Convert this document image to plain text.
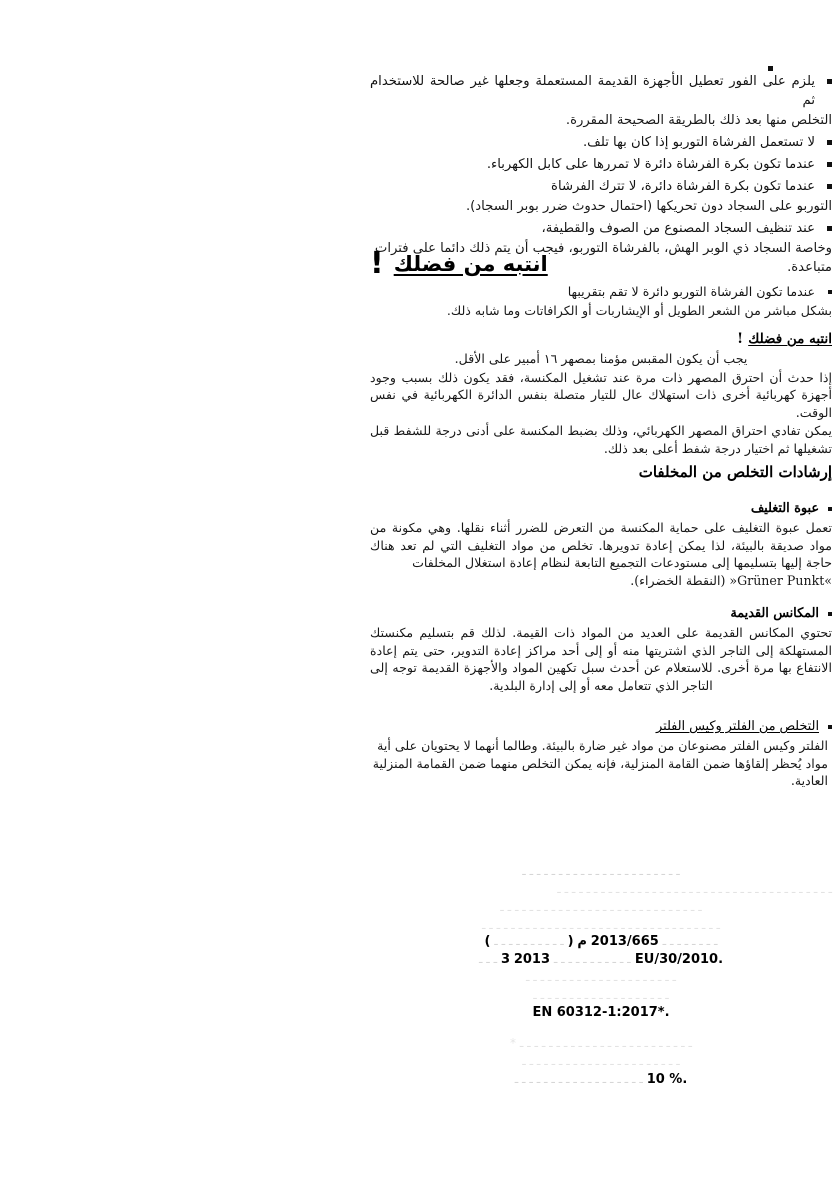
ـــــــ ـــ ـــــــ ــــ ـــــ ــــــ ـــــ
يلزم على الفور تعطيل الأجهزة القديمة المستعملة وجعلها غير صالحة للاستخدام ثم
التخلص منها بعد ذلك بالطريقة الصحيحة المقررة.
لا تستعمل الفرشاة التوربو إذا كان بها تلف.
عندما تكون بكرة الفرشاة دائرة لا تمررها على كابل الكهرباء.
عندما تكون بكرة الفرشاة دائرة، لا تترك الفرشاة
التوربو على السجاد دون تحريكها (احتمال حدوث ضرر بوبر السجاد).
عند تنظيف السجاد المصنوع من الصوف والقطيفة،
وخاصة السجاد ذي الوبر الهش، بالفرشاة التوربو، فيجب أن يتم ذلك دائما على فترات متباعدة.
انتبه من فضلك
!
عندما تكون الفرشاة التوربو دائرة لا تقم بتقريبها
بشكل مباشر من الشعر الطويل أو الإيشاربات أو الكرافاتات وما شابه ذلك.
انتبه من فضلك !
يجب أن يكون المقبس مؤمنا بمصهر ١٦ أمبير على الأقل.
إذا حدث أن احترق المصهر ذات مرة عند تشغيل المكنسة، فقد يكون ذلك بسبب وجود أجهزة كهربائية أخرى ذات استهلاك عال للتيار متصلة بنفس الدائرة الكهربائية في نفس الوقت.
يمكن تفادي احتراق المصهر الكهربائي، وذلك بضبط المكنسة على أدنى درجة للشفط قبل تشغيلها ثم اختيار درجة شفط أعلى بعد ذلك.
إرشادات التخلص من المخلفات
عبوة التغليف
تعمل عبوة التغليف على حماية المكنسة من التعرض للضرر أثناء نقلها. وهي مكونة من مواد صديقة بالبيئة، لذا يمكن إعادة تدويرها. تخلص من مواد التغليف التي لم تعد هناك حاجة إليها بتسليمها إلى مستودعات التجميع التابعة لنظام إعادة استغلال المخلفات
»Grüner Punkt« (النقطة الخضراء).
المكانس القديمة
تحتوي المكانس القديمة على العديد من المواد ذات القيمة. لذلك قم بتسليم مكنستك المستهلكة إلى التاجر الذي اشتريتها منه أو إلى أحد مراكز إعادة التدوير، حتى يتم إعادة الانتفاع بها مرة أخرى. للاستعلام عن أحدث سبل تكهين المواد والأجهزة القديمة توجه إلى التاجر الذي تتعامل معه أو إلى إدارة البلدية.
التخلص من الفلتر وكيس الفلتر
الفلتر وكيس الفلتر مصنوعان من مواد غير ضارة بالبيئة. وطالما أنهما لا يحتويان على أية مواد يُحظر إلقاؤها ضمن القامة المنزلية، فإنه يمكن التخلص منهما ضمن القمامة المنزلية العادية.
ـ ـ ـ ـ ـ ـ ـ ـ ـ ـ ـ ـ ـ ـ ـ ـ ـ ـ ـ ـ ـ ـ
ـ ـ ـ ـ ـ ـ ـ ـ ـ ـ ـ ـ ـ ـ ـ ـ ـ ـ ـ ـ ـ ـ ـ ـ ـ ـ ـ ـ ـ ـ ـ ـ ـ ـ ـ ـ ـ ـ
ـ ـ ـ ـ ـ ـ ـ ـ ـ ـ ـ ـ ـ ـ ـ ـ ـ ـ ـ ـ ـ ـ ـ ـ ـ ـ ـ ـ
ـ ـ ـ ـ ـ ـ ـ ـ ـ ـ ـ ـ ـ ـ ـ ـ ـ ـ ـ ـ ـ ـ ـ ـ ـ ـ ـ ـ ـ ـ ـ ـ ـ
ـ ـ ـ ـ ـ ـ ـ ـ 2013/665 م ( ـ ـ ـ ـ ـ ـ ـ ـ ـ ـ )
.EU/30/2010 ـ ـ ـ ـ ـ ـ ـ ـ ـ ـ ـ 2013 3 ـ ـ ـ
ـ ـ ـ ـ ـ ـ ـ ـ ـ ـ ـ ـ ـ ـ ـ ـ ـ ـ ـ ـ ـ
ـ ـ ـ ـ ـ ـ ـ ـ ـ ـ ـ ـ ـ ـ ـ ـ ـ ـ ـ
.*1:2017-EN 60312
ـ ـ ـ ـ ـ ـ ـ ـ ـ ـ ـ ـ ـ ـ ـ ـ ـ ـ ـ ـ ـ ـ ـ ـ *
ـ ـ ـ ـ ـ ـ ـ ـ ـ ـ ـ ـ ـ ـ ـ ـ ـ ـ ـ ـ ـ ـ
.% 10 ـ ـ ـ ـ ـ ـ ـ ـ ـ ـ ـ ـ ـ ـ ـ ـ ـ ـ
